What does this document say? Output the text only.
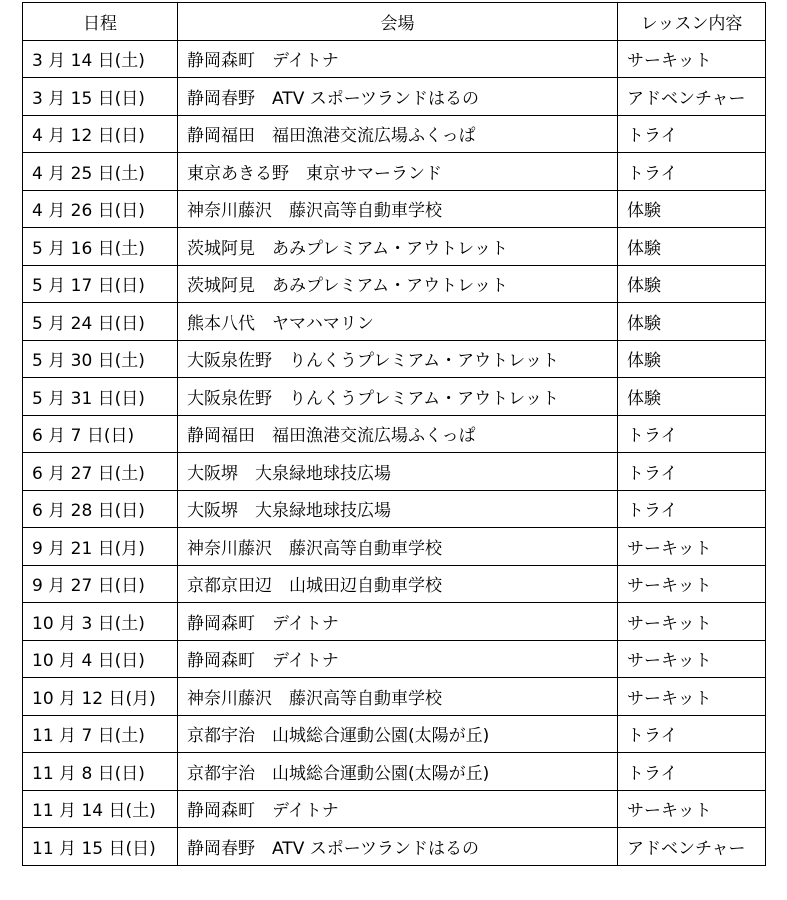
日程	会場	レッスン内容
3 月 14 日(土)	静岡森町　デイトナ	サーキット
3 月 15 日(日)	静岡春野　ATV スポーツランドはるの	アドベンチャー
4 月 12 日(日)	静岡福田　福田漁港交流広場ふくっぱ	トライ
4 月 25 日(土)	東京あきる野　東京サマーランド	トライ
4 月 26 日(日)	神奈川藤沢　藤沢高等自動車学校	体験
5 月 16 日(土)	茨城阿見　あみプレミアム・アウトレット	体験
5 月 17 日(日)	茨城阿見　あみプレミアム・アウトレット	体験
5 月 24 日(日)	熊本八代　ヤマハマリン	体験
5 月 30 日(土)	大阪泉佐野　りんくうプレミアム・アウトレット	体験
5 月 31 日(日)	大阪泉佐野　りんくうプレミアム・アウトレット	体験
6 月 7 日(日)	静岡福田　福田漁港交流広場ふくっぱ	トライ
6 月 27 日(土)	大阪堺　大泉緑地球技広場	トライ
6 月 28 日(日)	大阪堺　大泉緑地球技広場	トライ
9 月 21 日(月)	神奈川藤沢　藤沢高等自動車学校	サーキット
9 月 27 日(日)	京都京田辺　山城田辺自動車学校	サーキット
10 月 3 日(土)	静岡森町　デイトナ	サーキット
10 月 4 日(日)	静岡森町　デイトナ	サーキット
10 月 12 日(月)	神奈川藤沢　藤沢高等自動車学校	サーキット
11 月 7 日(土)	京都宇治　山城総合運動公園(太陽が丘)	トライ
11 月 8 日(日)	京都宇治　山城総合運動公園(太陽が丘)	トライ
11 月 14 日(土)	静岡森町　デイトナ	サーキット
11 月 15 日(日)	静岡春野　ATV スポーツランドはるの	アドベンチャー
